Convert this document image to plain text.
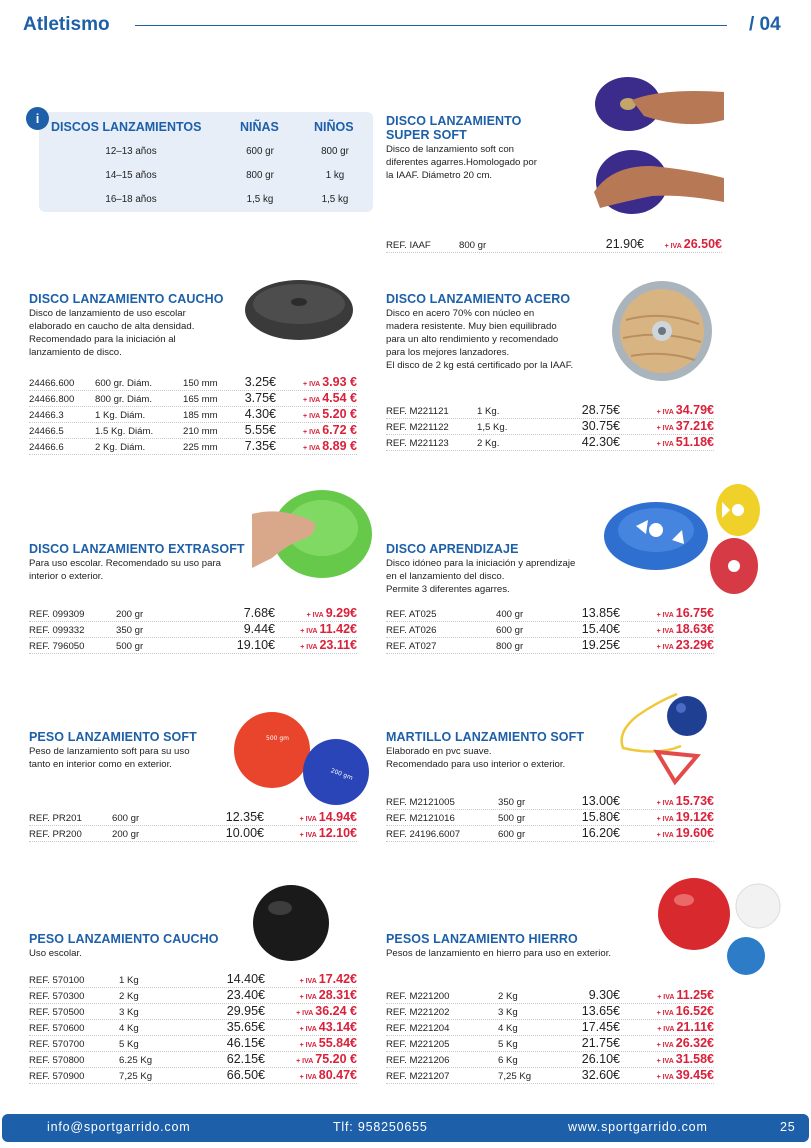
Atletismo	/ 04
i
DISCOS LANZAMIENTOS	NIÑAS	NIÑOS
12–13 años	600 gr	800 gr
14–15 años	800 gr	1 kg
16–18 años	1,5 kg	1,5 kg
DISCO LANZAMIENTO
SUPER SOFT

Disco de lanzamiento soft con
diferentes agarres.Homologado por
la IAAF. Diámetro 20 cm.

DISCO LANZAMIENTO CAUCHO

Disco de lanzamiento de uso escolar
elaborado en caucho de alta densidad.
Recomendado para la iniciación al
lanzamiento de disco.

DISCO LANZAMIENTO ACERO

Disco en acero 70% con núcleo en
madera resistente. Muy bien equilibrado
para un alto rendimiento y recomendado
para los mejores lanzadores.
El disco de 2 kg está certificado por la IAAF.

DISCO LANZAMIENTO EXTRASOFT

Para uso escolar. Recomendado su uso para
interior o exterior.

DISCO APRENDIZAJE

Disco idóneo para la iniciación y aprendizaje
en el lanzamiento del disco.
Permite 3 diferentes agarres.

PESO LANZAMIENTO SOFT

Peso de lanzamiento soft para su uso
tanto en interior como en exterior.

MARTILLO LANZAMIENTO SOFT

Elaborado en pvc suave.
Recomendado para uso interior o exterior.

PESO LANZAMIENTO CAUCHO

Uso escolar.

PESOS LANZAMIENTO HIERRO

Pesos de lanzamiento en hierro para uso en exterior.

REF. IAAF	800 gr	21.90€	+ IVA 26.50€
24466.600 600 gr. Diám.	150 mm	3.25€	+ IVA 3.93 €
24466.800 800 gr. Diám.	165 mm	3.75€	+ IVA 4.54 €
24466.3	1 Kg. Diám.	185 mm	4.30€	+ IVA 5.20 €
24466.5	1.5 Kg. Diám.	210 mm	5.55€	+ IVA 6.72 €
24466.6	2 Kg. Diám.	225 mm	7.35€	+ IVA 8.89 €
REF. M221121	1 Kg.	28.75€	+ IVA 34.79€
REF. M221122	1,5 Kg.	30.75€	+ IVA 37.21€
REF. M221123	2 Kg.	42.30€	+ IVA 51.18€
REF. 099309	200 gr	7.68€	+ IVA 9.29€
REF. 099332	350 gr	9.44€	+ IVA 11.42€
REF. 796050	500 gr	19.10€	+ IVA 23.11€
REF. AT025	400 gr	13.85€	+ IVA 16.75€
REF. AT026	600 gr	15.40€	+ IVA 18.63€
REF. AT027	800 gr	19.25€	+ IVA 23.29€
REF. PR201	600 gr	12.35€	+ IVA 14.94€
REF. PR200	200 gr	10.00€	+ IVA 12.10€
REF. M2121005	350 gr	13.00€	+ IVA 15.73€
REF. M2121016	500 gr	15.80€	+ IVA 19.12€
REF. 24196.6007	600 gr	16.20€	+ IVA 19.60€
REF. 570100	1 Kg	14.40€	+ IVA 17.42€
REF. 570300	2 Kg	23.40€	+ IVA 28.31€
REF. 570500	3 Kg	29.95€	+ IVA 36.24 €
REF. 570600	4 Kg	35.65€	+ IVA 43.14€
REF. 570700	5 Kg	46.15€	+ IVA 55.84€
REF. 570800	6.25 Kg	62.15€	+ IVA 75.20 €
REF. 570900	7,25 Kg	66.50€	+ IVA 80.47€
REF. M221200	2 Kg	9.30€	+ IVA 11.25€
REF. M221202	3 Kg	13.65€	+ IVA 16.52€
REF. M221204	4 Kg	17.45€	+ IVA 21.11€
REF. M221205	5 Kg	21.75€	+ IVA 26.32€
REF. M221206	6 Kg	26.10€	+ IVA 31.58€
REF. M221207	7,25 Kg	32.60€	+ IVA 39.45€
500 gm
200 gm
info@sportgarrido.com	Tlf: 958250655	www.sportgarrido.com	25
